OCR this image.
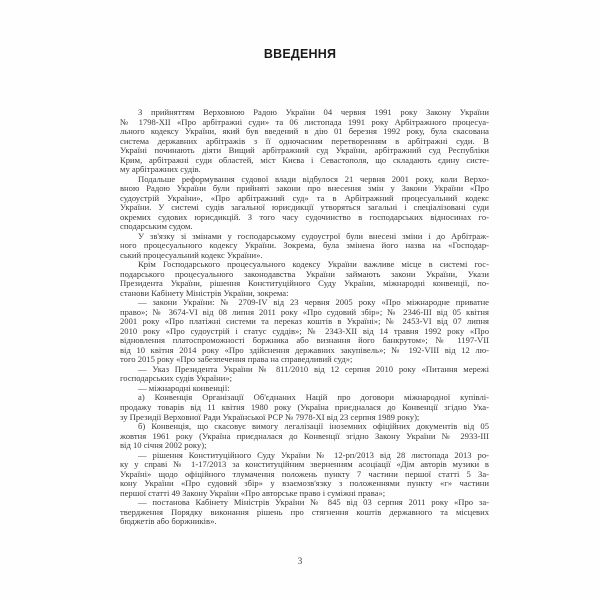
ВВЕДЕННЯ
З прийняттям Верховною Радою України 04 червня 1991 року Закону України
№ 1798-XII «Про арбітражні суди» та 06 листопада 1991 року Арбітражного процесуа-
льного кодексу України, який був введений в дію 01 березня 1992 року, була скасована
система державних арбітражів з її одночасним перетворенням в арбітражні суди. В
Україні починають діяти Вищий арбітражний суд України, арбітражний суд Республіки
Крим, арбітражні суди областей, міст Києва і Севастополя, що складають єдину систе-
му арбітражних судів.
Подальше реформування судової влади відбулося 21 червня 2001 року, коли Верхо-
вною Радою України були прийняті закони про внесення змін у Закони України «Про
судоустрій України», «Про арбітражний суд» та в Арбітражний процесуальний кодекс
України. У системі судів загальної юрисдикції утворяться загальні і спеціалізовані суди
окремих судових юрисдикцій. З того часу судочинство в господарських відносинах го-
сподарським судом.
У зв'язку зі змінами у господарському судоустрої були внесені зміни і до Арбітраж-
ного процесуального кодексу України. Зокрема, була змінена його назва на «Господар-
ський процесуальний кодекс України».
Крім Господарського процесуального кодексу України важливе місце в системі гос-
подарського процесуального законодавства України займають закони України, Укази
Президента України, рішення Конституційного Суду України, міжнародні конвенції, по-
станови Кабінету Міністрів України, зокрема:
— закони України: № 2709-IV від 23 червня 2005 року «Про міжнародне приватне
право»; № 3674-VI від 08 липня 2011 року «Про судовий збір»; № 2346-III від 05 квітня
2001 року «Про платіжні системи та переказ коштів в Україні»; № 2453-VI від 07 липня
2010 року «Про судоустрій і статус суддів»; № 2343-XII від 14 травня 1992 року «Про
відновлення платоспроможності боржника або визнання його банкрутом»; № 1197-VII
від 10 квітня 2014 року «Про здійснення державних закупівель»; № 192-VIII від 12 лю-
того 2015 року «Про забезпечення права на справедливий суд»;
— Указ Президента України № 811/2010 від 12 серпня 2010 року «Питання мережі
господарських судів України»;
— міжнародні конвенції:
а) Конвенція Організації Об'єднаних Націй про договори міжнародної купівлі-
продажу товарів від 11 квітня 1980 року (Україна приєдналася до Конвенції згідно Ука-
зу Президії Верховної Ради Української РСР № 7978-XI від 23 серпня 1989 року);
б) Конвенція, що скасовує вимогу легалізації іноземних офіційних документів від 05
жовтня 1961 року (Україна приєдналася до Конвенції згідно Закону України № 2933-III
від 10 січня 2002 року);
— рішення Конституційного Суду України № 12-рп/2013 від 28 листопада 2013 ро-
ку у справі № 1-17/2013 за конституційним зверненням асоціації «Дім авторів музики в
Україні» щодо офіційного тлумачення положень пункту 7 частини першої статті 5 За-
кону України «Про судовий збір» у взаємозв'язку з положеннями пункту «г» частини
першої статті 49 Закону України «Про авторське право і суміжні права»;
— постанова Кабінету Міністрів України № 845 від 03 серпня 2011 року «Про за-
твердження Порядку виконання рішень про стягнення коштів державного та місцевих
бюджетів або боржників».
3
